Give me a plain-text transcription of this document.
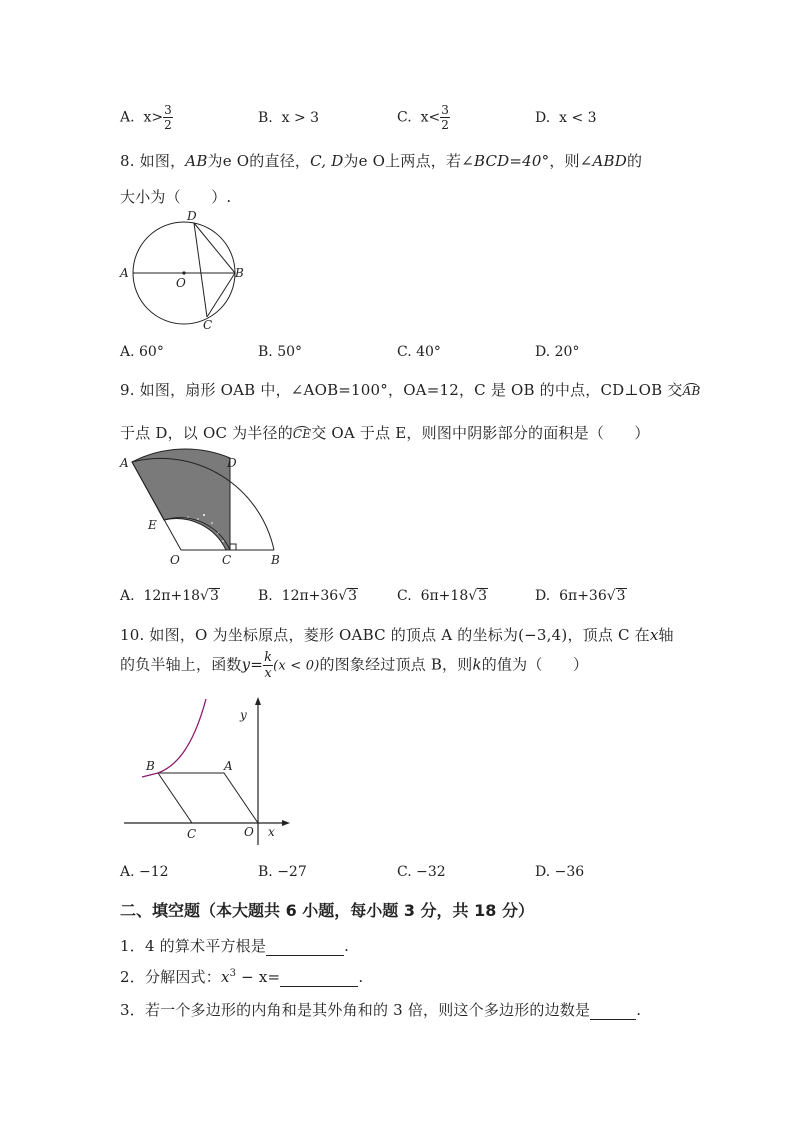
A. $x> \frac{3}{2}$	B. x > 3	C. $x< \frac{3}{2}$	D. x < 3
8. 如图，AB为e O的直径，C, D为e O上两点，若∠BCD=40°，则∠ABD的
大小为（　　）.
A	B
C
D
O
A. 60°	B. 50°	C. 40°	D. 20°
9. 如图，扇形 OAB 中，∠AOB=100°，OA=12，C 是 OB 的中点，CD⊥OB 交AB
于点 D，以 OC 为半径的CE交 OA 于点 E，则图中阴影部分的面积是（　　）
A	D
E
O	C	B
A. 12π+18√3	B. 12π+36√3	C. 6π+18√3	D. 6π+36√3
10. 如图，O 为坐标原点，菱形 OABC 的顶点 A 的坐标为(−3,4)，顶点 C 在x轴
的负半轴上，函数$y= \frac{k}{x} (x < 0)$的图象经过顶点 B，则k的值为（　　）
y
x
B	A
C	O
A. −12	B. −27	C. −32	D. −36
二、填空题（本大题共 6 小题，每小题 3 分，共 18 分）
1．4 的算术平方根是	.
2．分解因式：$x^3 - x=$	.
3．若一个多边形的内角和是其外角和的 3 倍，则这个多边形的边数是	.
